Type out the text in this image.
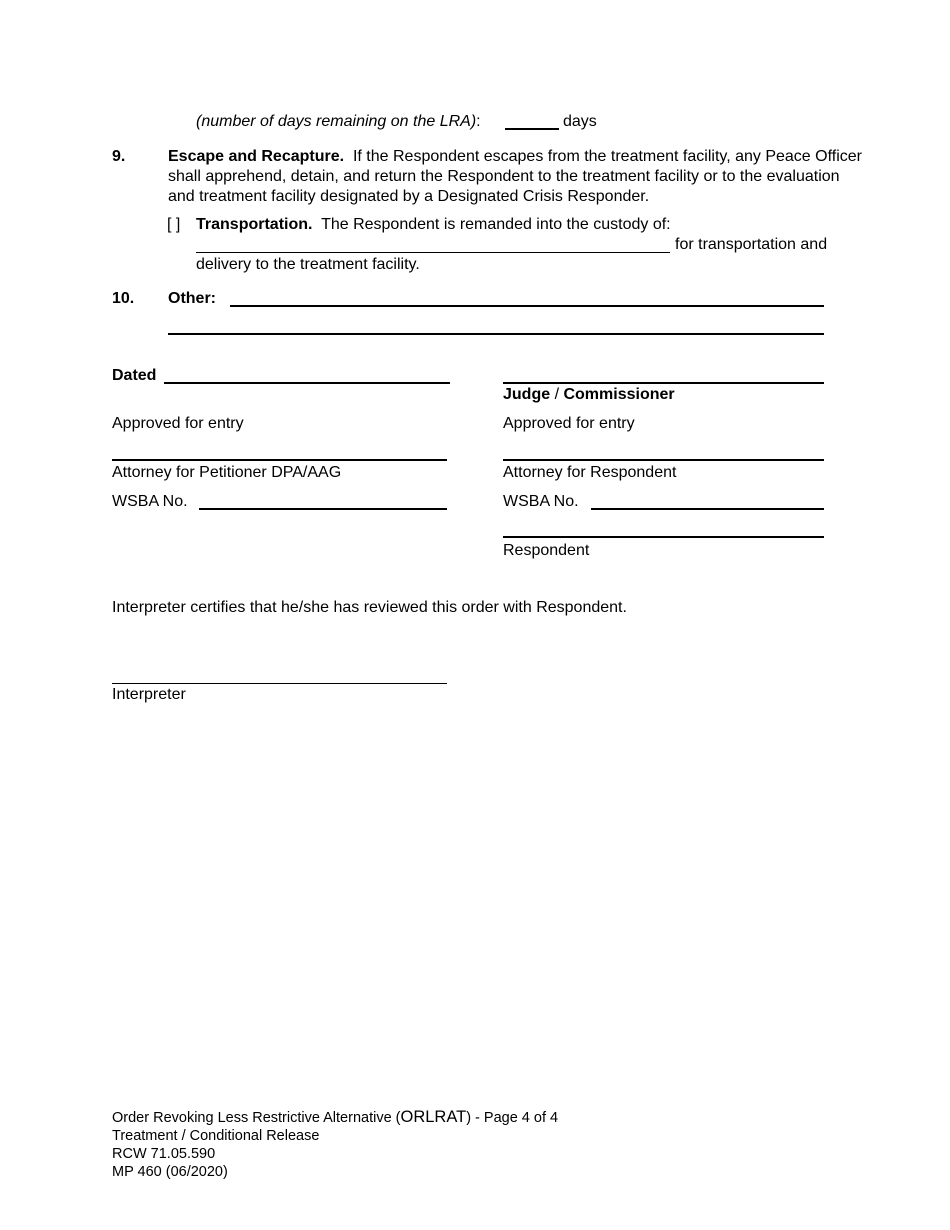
(number of days remaining on the LRA):	days
9.	Escape and Recapture. If the Respondent escapes from the treatment facility, any Peace Officer shall apprehend, detain, and return the Respondent to the treatment facility or to the evaluation and treatment facility designated by a Designated Crisis Responder.
[ ] Transportation. The Respondent is remanded into the custody of:
for transportation and
delivery to the treatment facility.
10. Other:
Dated
Judge / Commissioner
Approved for entry	Approved for entry
Attorney for Petitioner DPA/AAG	Attorney for Respondent
WSBA No.	WSBA No.
Respondent
Interpreter certifies that he/she has reviewed this order with Respondent.
Interpreter
Order Revoking Less Restrictive Alternative (ORLRAT) - Page 4 of 4
Treatment / Conditional Release
RCW 71.05.590
MP 460 (06/2020)
